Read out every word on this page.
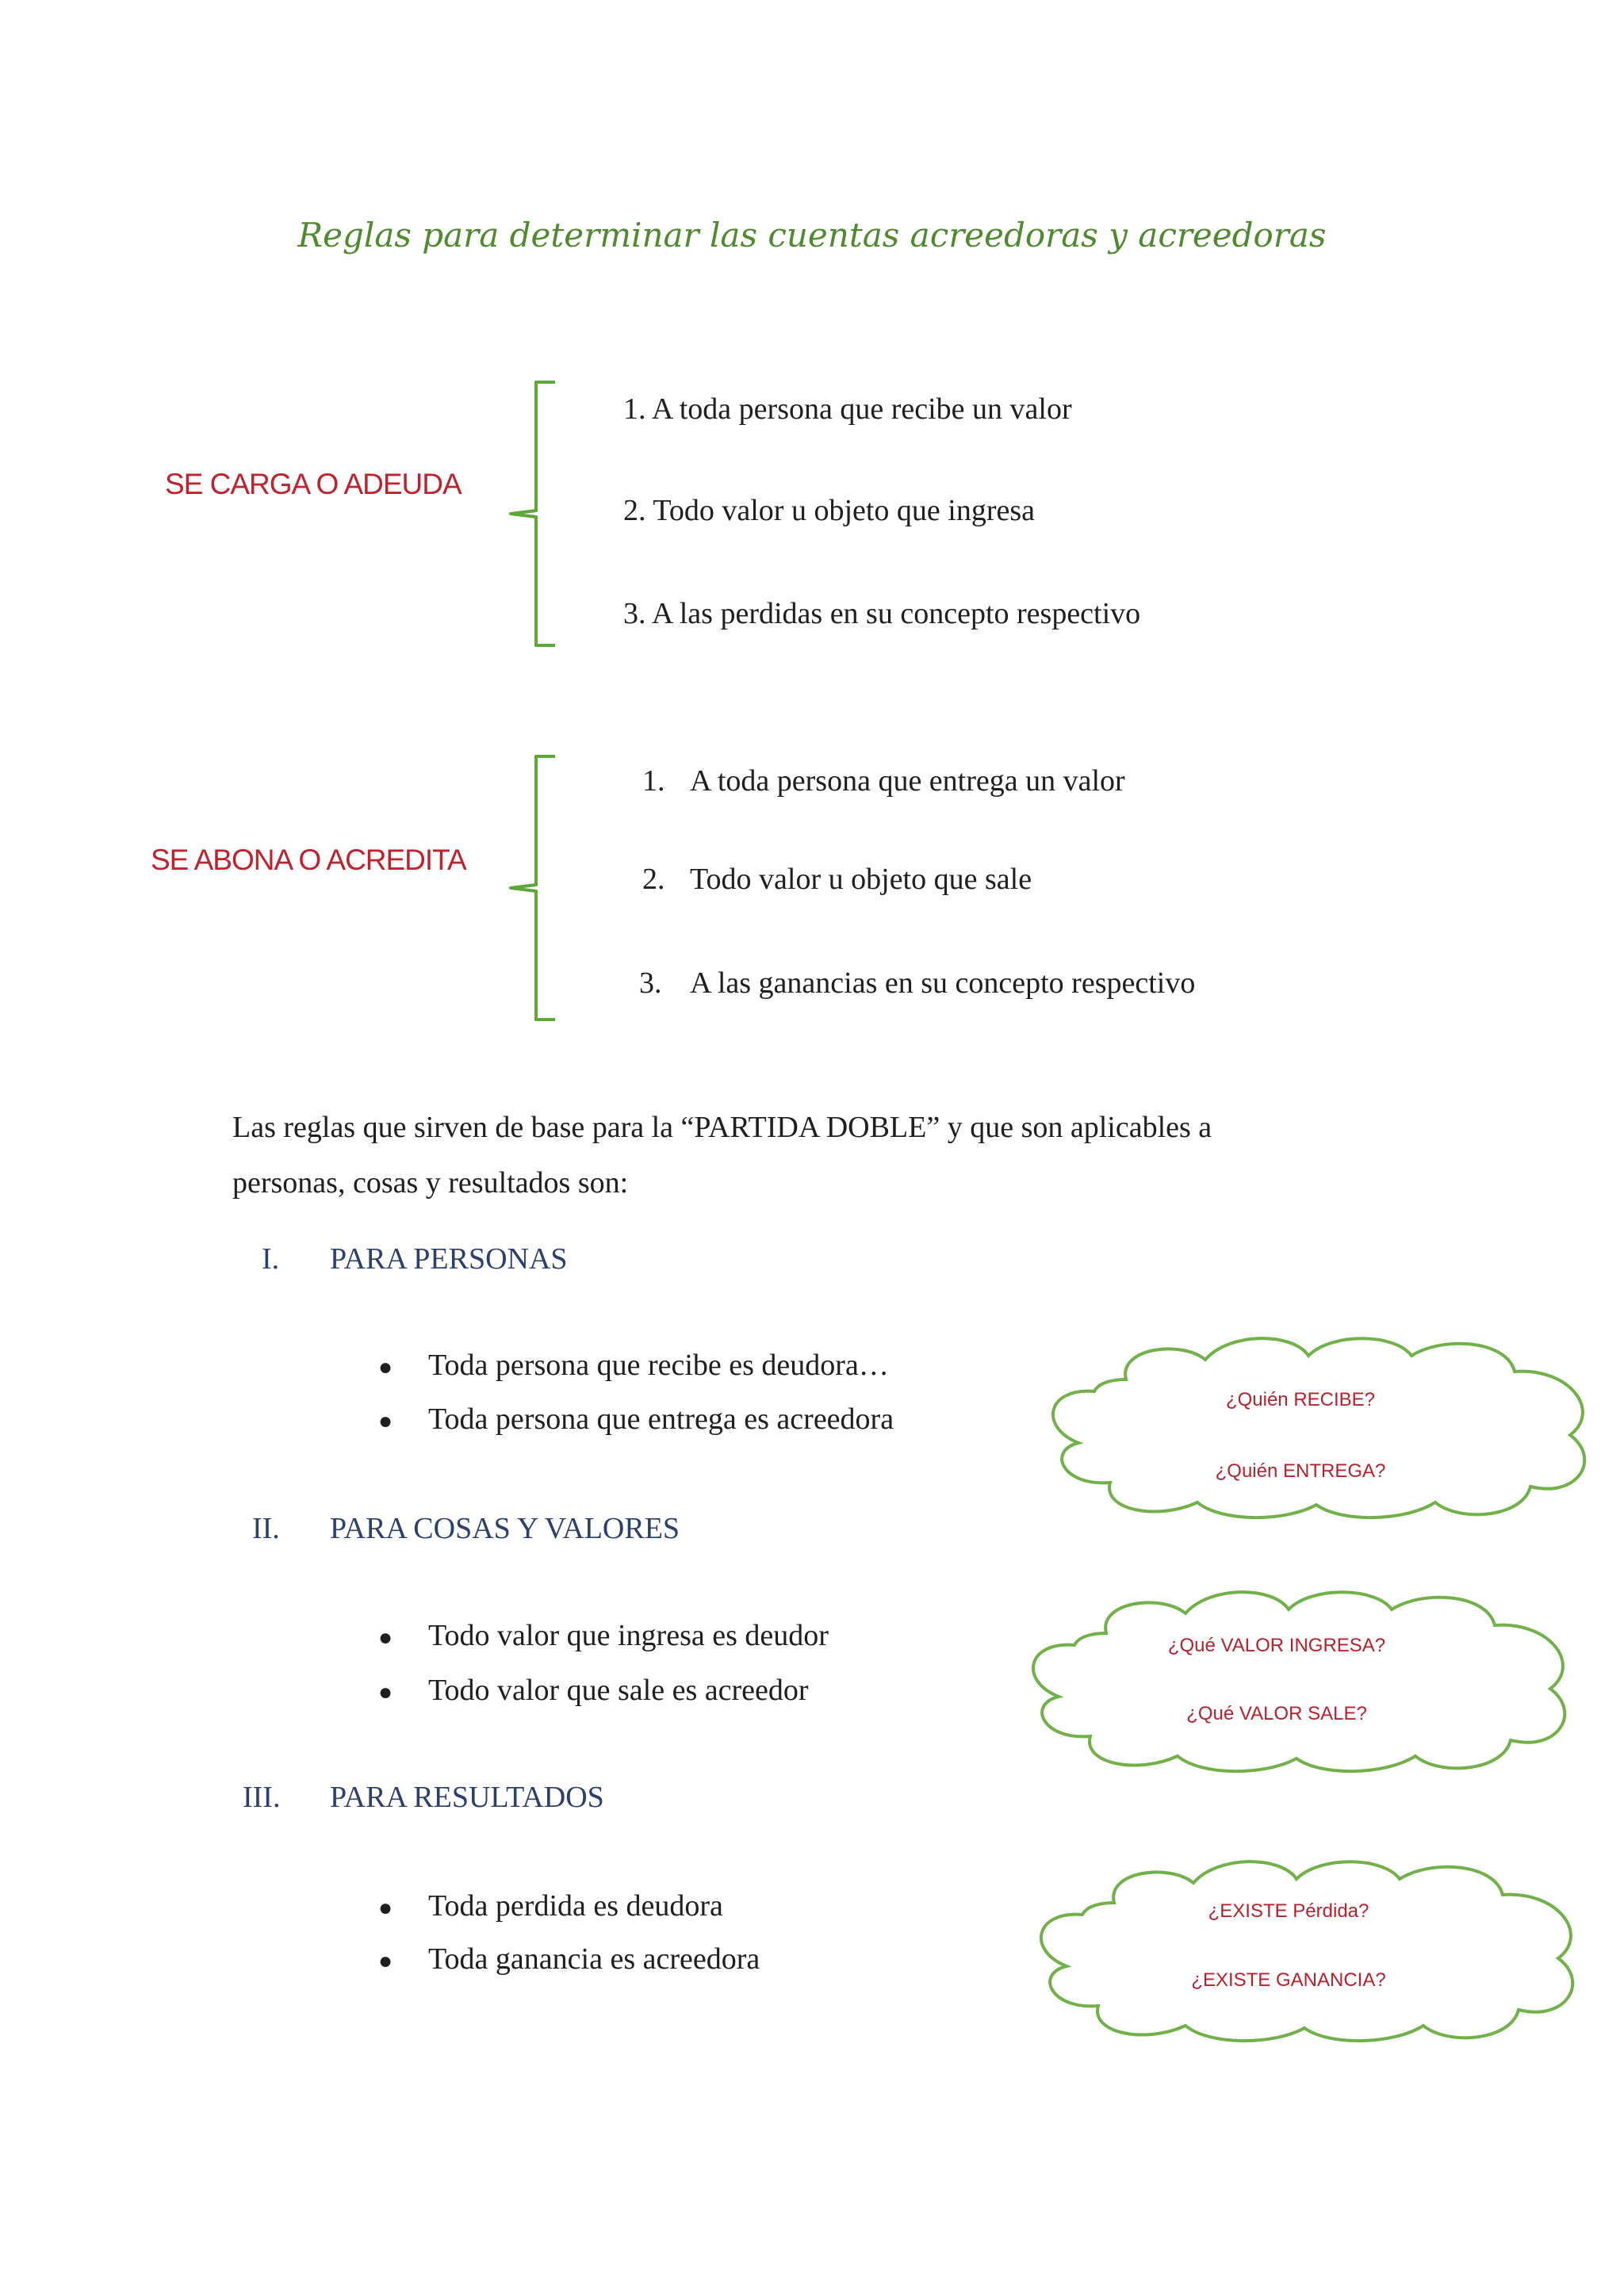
Reglas para determinar las cuentas acreedoras y acreedoras
SE CARGA O ADEUDA
1. A toda persona que recibe un valor
2. Todo valor u objeto que ingresa
3. A las perdidas en su concepto respectivo
SE ABONA O ACREDITA
1. A toda persona que entrega un valor
2. Todo valor u objeto que sale
3. A las ganancias en su concepto respectivo
Las reglas que sirven de base para la “PARTIDA DOBLE” y que son aplicables a
personas, cosas y resultados son:
I. PARA PERSONAS
● Toda persona que recibe es deudora…
● Toda persona que entrega es acreedora
II. PARA COSAS Y VALORES
● Todo valor que ingresa es deudor
● Todo valor que sale es acreedor
III. PARA RESULTADOS
● Toda perdida es deudora
● Toda ganancia es acreedora
¿Quién RECIBE?
¿Quién ENTREGA?
¿Qué VALOR INGRESA?
¿Qué VALOR SALE?
¿EXISTE Pérdida?
¿EXISTE GANANCIA?
